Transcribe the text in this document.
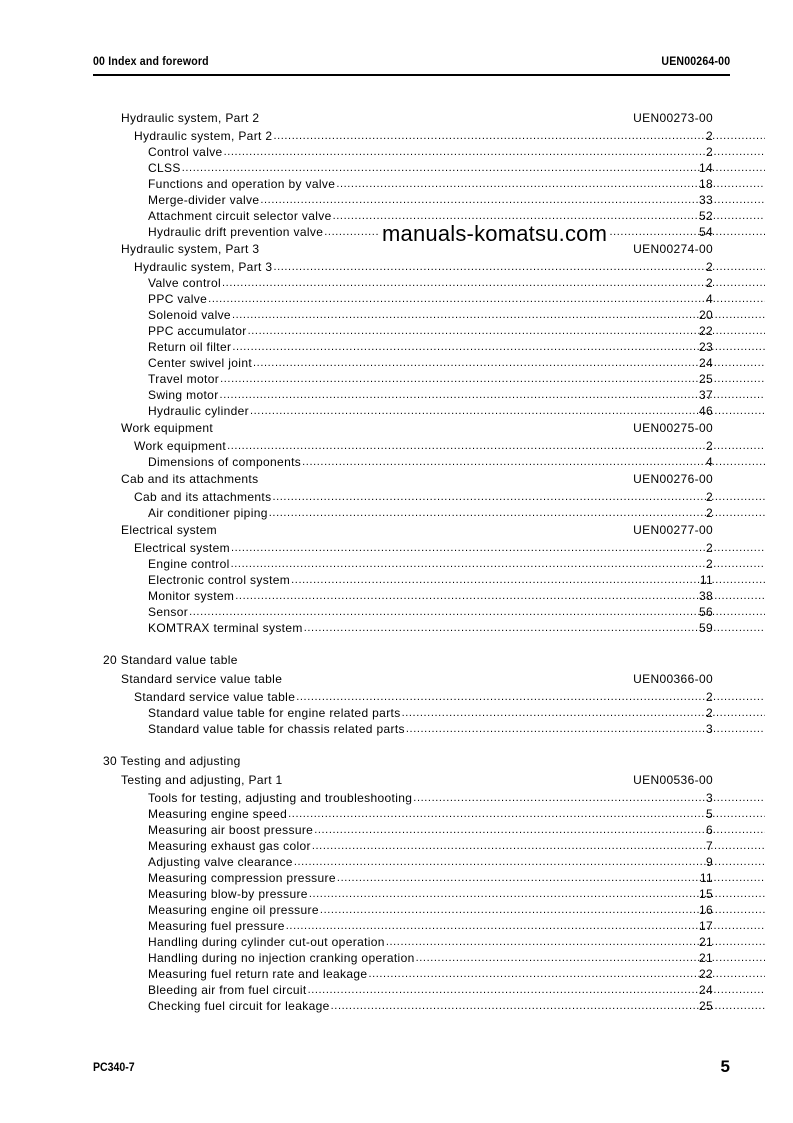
00 Index and foreword	UEN00264-00
Hydraulic system, Part 2	UEN00273-00
Hydraulic system, Part 2 .....	2
Control valve .....	2
CLSS .....	14
Functions and operation by valve .....	18
Merge-divider valve .....	33
Attachment circuit selector valve .....	52
Hydraulic drift prevention valve .....	54
Hydraulic system, Part 3	UEN00274-00
Hydraulic system, Part 3 .....	2
Valve control .....	2
PPC valve .....	4
Solenoid valve .....	20
PPC accumulator .....	22
Return oil filter .....	23
Center swivel joint .....	24
Travel motor .....	25
Swing motor .....	37
Hydraulic cylinder .....	46
Work equipment	UEN00275-00
Work equipment .....	2
Dimensions of components .....	4
Cab and its attachments	UEN00276-00
Cab and its attachments .....	2
Air conditioner piping .....	2
Electrical system	UEN00277-00
Electrical system .....	2
Engine control .....	2
Electronic control system .....	11
Monitor system .....	38
Sensor .....	56
KOMTRAX terminal system .....	59
20 Standard value table
Standard service value table	UEN00366-00
Standard service value table .....	2
Standard value table for engine related parts .....	2
Standard value table for chassis related parts .....	3
30 Testing and adjusting
Testing and adjusting, Part 1	UEN00536-00
Tools for testing, adjusting and troubleshooting .....	3
Measuring engine speed .....	5
Measuring air boost pressure .....	6
Measuring exhaust gas color .....	7
Adjusting valve clearance .....	9
Measuring compression pressure .....	11
Measuring blow-by pressure .....	15
Measuring engine oil pressure .....	16
Measuring fuel pressure .....	17
Handling during cylinder cut-out operation .....	21
Handling during no injection cranking operation .....	21
Measuring fuel return rate and leakage .....	22
Bleeding air from fuel circuit .....	24
Checking fuel circuit for leakage .....	25
manuals-komatsu.com
PC340-7	5
